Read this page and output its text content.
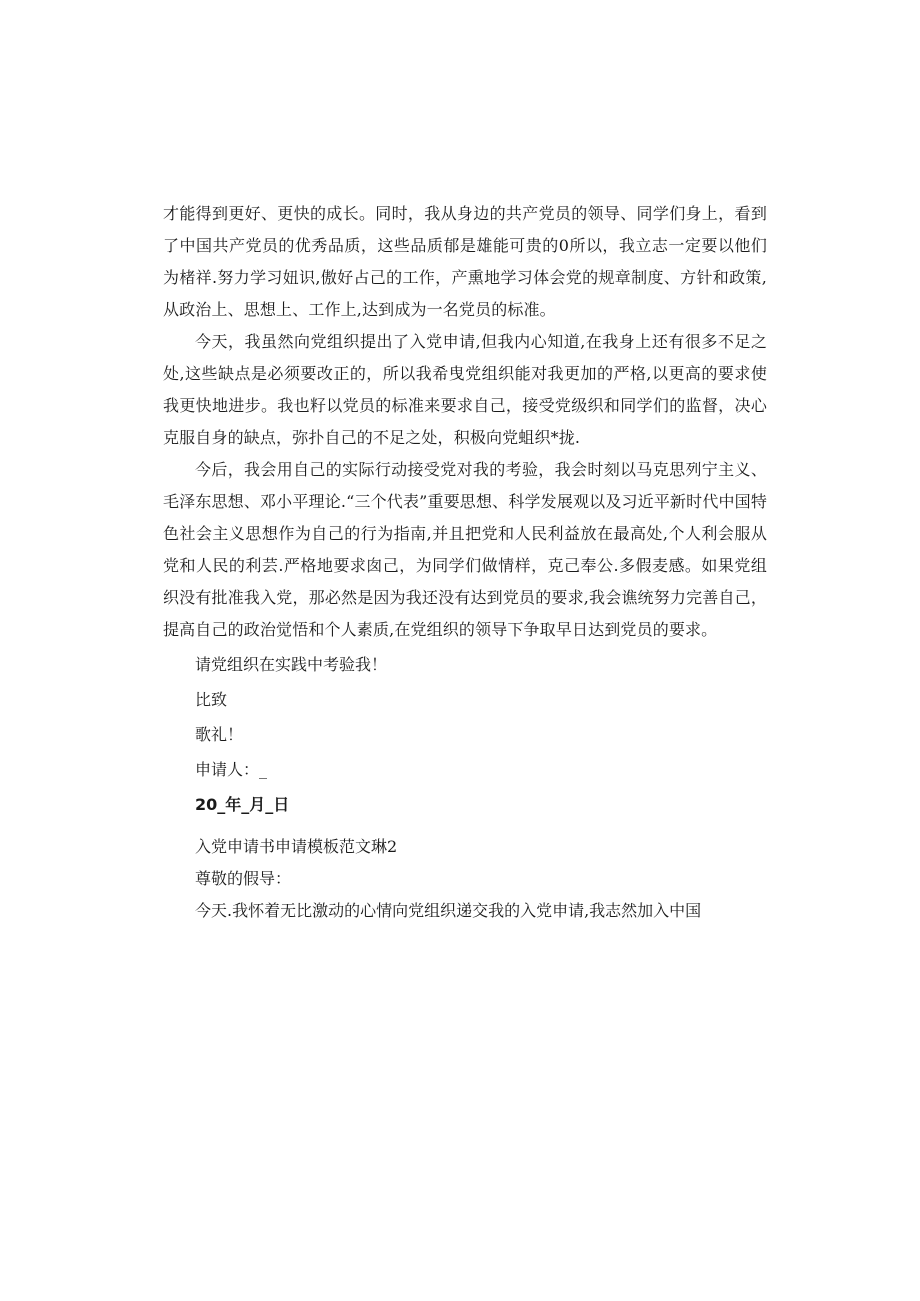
才能得到更好、更快的成长。同时，我从身边的共产党员的领导、同学们身上，看到了中国共产党员的优秀品质，这些品质郁是雄能可贵的0所以，我立志一定要以他们为楮祥.努力学习妞识,傲好占己的工作，产熏地学习体会党的规章制度、方针和政策,从政治上、思想上、工作上,达到成为一名党员的标准。

今天，我虽然向党组织提出了入党申请,但我内心知道,在我身上还有很多不足之处,这些缺点是必须要改正的，所以我希曳党组织能对我更加的严格,以更高的要求使我更快地进步。我也籽以党员的标准来要求自己，接受党级织和同学们的监督，决心克服自身的缺点，弥扑自己的不足之处，积极向党蛆织*拢.

今后，我会用自己的实际行动接受党对我的考验，我会时刻以马克思列宁主义、毛泽东思想、邓小平理论.“三个代表”重要思想、科学发展观以及习近平新时代中国特色社会主义思想作为自己的行为指南,并且把党和人民利益放在最高处,个人利会服从党和人民的利芸.严格地要求囱己，为同学们做情样，克己奉公.多假麦感。如果党组织没有批准我入党，那必然是因为我还没有达到党员的要求,我会谯统努力完善自己，提高自己的政治觉悟和个人素质,在党组织的领导下争取早日达到党员的要求。

请党组织在实践中考验我！

比致

歌礼！

申请人：_

20_年_月_日

入党申请书申请模板范文琳2

尊敬的假导：

今天.我怀着无比激动的心情向党组织递交我的入党申请,我志然加入中国
